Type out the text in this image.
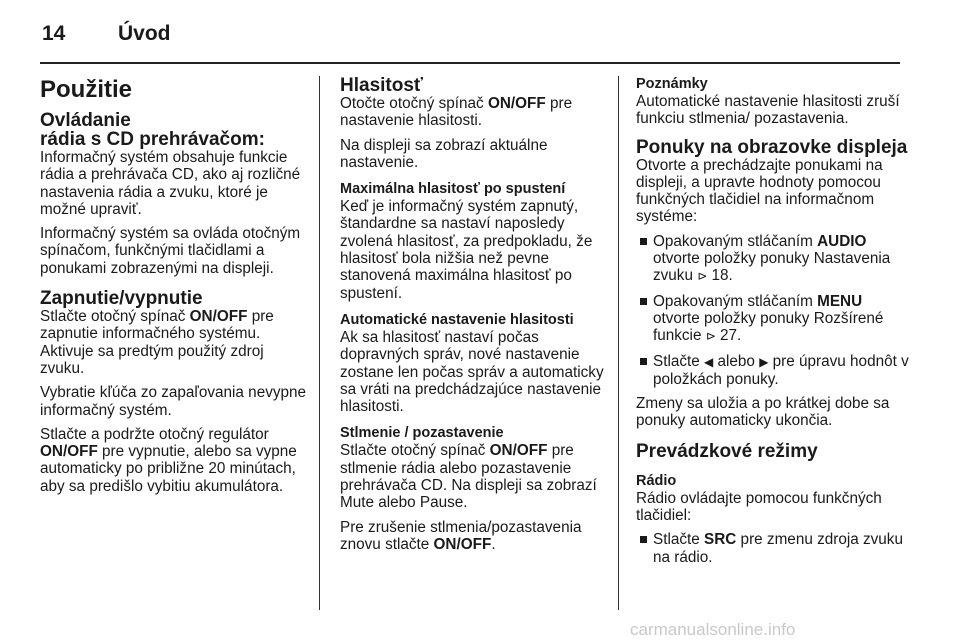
14	Úvod
Použitie
Ovládanie
rádia s CD prehrávačom:

Informačný systém obsahuje funkcie rádia a prehrávača CD, ako aj rozličné nastavenia rádia a zvuku, ktoré je možné upraviť.

Informačný systém sa ovláda otočným spínačom, funkčnými tlačidlami a ponukami zobrazenými na displeji.

Zapnutie/vypnutie

Stlačte otočný spínač ON/OFF pre zapnutie informačného systému. Aktivuje sa predtým použitý zdroj zvuku.

Vybratie kľúča zo zapaľovania nevypne informačný systém.

Stlačte a podržte otočný regulátor ON/OFF pre vypnutie, alebo sa vypne automaticky po približne 20 minútach, aby sa predišlo vybitiu akumulátora.

Hlasitosť

Otočte otočný spínač ON/OFF pre nastavenie hlasitosti.

Na displeji sa zobrazí aktuálne nastavenie.

Maximálna hlasitosť po spustení

Keď je informačný systém zapnutý, štandardne sa nastaví naposledy zvolená hlasitosť, za predpokladu, že hlasitosť bola nižšia než pevne stanovená maximálna hlasitosť po spustení.

Automatické nastavenie hlasitosti

Ak sa hlasitosť nastaví počas dopravných správ, nové nastavenie zostane len počas správ a automaticky sa vráti na predchádzajúce nastavenie hlasitosti.

Stlmenie / pozastavenie

Stlačte otočný spínač ON/OFF pre stlmenie rádia alebo pozastavenie prehrávača CD. Na displeji sa zobrazí Mute alebo Pause.

Pre zrušenie stlmenia/pozastavenia znovu stlačte ON/OFF.

Poznámky

Automatické nastavenie hlasitosti zruší funkciu stlmenia/ pozastavenia.

Ponuky na obrazovke displeja

Otvorte a prechádzajte ponukami na displeji, a upravte hodnoty pomocou funkčných tlačidiel na informačnom systéme:

Opakovaným stláčaním AUDIO otvorte položky ponuky Nastavenia zvuku ⊳ 18.
Opakovaným stláčaním MENU otvorte položky ponuky Rozšírené funkcie ⊳ 27.
Stlačte ◀ alebo ▶ pre úpravu hodnôt v položkách ponuky.

Zmeny sa uložia a po krátkej dobe sa ponuky automaticky ukončia.

Prevádzkové režimy
Rádio

Rádio ovládajte pomocou funkčných tlačidiel:

Stlačte SRC pre zmenu zdroja zvuku na rádio.
carmanualsonline.info
